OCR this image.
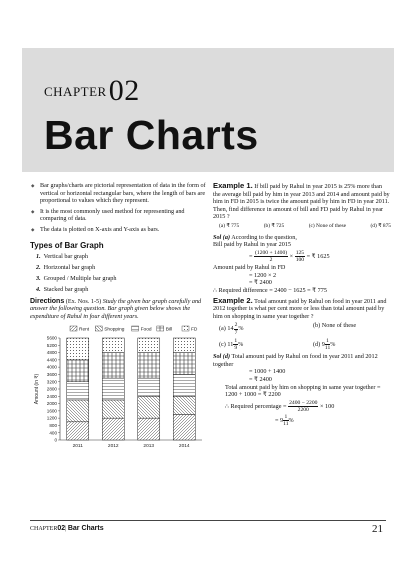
CHAPTER02
Bar Charts
◆ Bar graphs/charts are pictorial representation of data in the form of vertical or horizontal rectangular bars, where the length of bars are proportional to values which they represent.
◆ It is the most commonly used method for representing and comparing of data.
◆ The data is plotted on X-axis and Y-axis as bars.
Types of Bar Graph
1. Vertical bar graph
2. Horizontal bar graph
3. Grouped / Multiple bar graph
4. Stacked bar graph
Directions (Ex. Nos. 1-5) Study the given bar graph carefully and answer the following question. Bar graph given below shows the expenditure of Rahul in four different years.
0
400
800
1200
1600
2000
2400
2800
3200
3600
4000
4400
4800
5200
5600
Amount (in ₹)
Rent	Shopping	Food	Bill	FD
2011	2012	2013	2014

Example 1. If bill paid by Rahul in year 2015 is 25% more than the average bill paid by him in year 2013 and 2014 and amount paid by him in FD in 2015 is twice the amount paid by him in FD in year 2011. Then, find difference in amount of bill and FD paid by Rahul in year 2015 ?

(a) ₹ 775	(b) ₹ 725	(c) None of these	(d) ₹ 875

Sol (a) According to the question,

Bill paid by Rahul in year 2015

= $\frac{(1200 + 1400)}{2} \times \frac{125}{100}$ = ₹ 1625

Amount paid by Rahul in FD

= 1200 × 2

= ₹ 2400

∴ Required difference = 2400 − 1625 = ₹ 775

Example 2. Total amount paid by Rahul on food in year 2011 and 2012 together is what per cent more or less than total amount paid by him on shopping in same year together ?

(a) $14 \frac{2}{7}\%$	(b) None of these
(c) $11 \frac{1}{9}\%$	(d) $9 \frac{1}{11}\%$

Sol (d) Total amount paid by Rahul on food in year 2011 and 2012 together

= 1000 + 1400

= ₹ 2400

Total amount paid by him on shopping in same year together = 1200 + 1000 = ₹ 2200

∴ Required percentage = $\frac{2400 - 2200}{2200} \times 100$

= $9 \frac{1}{11}\%$

CHAPTER02| Bar Charts	21
